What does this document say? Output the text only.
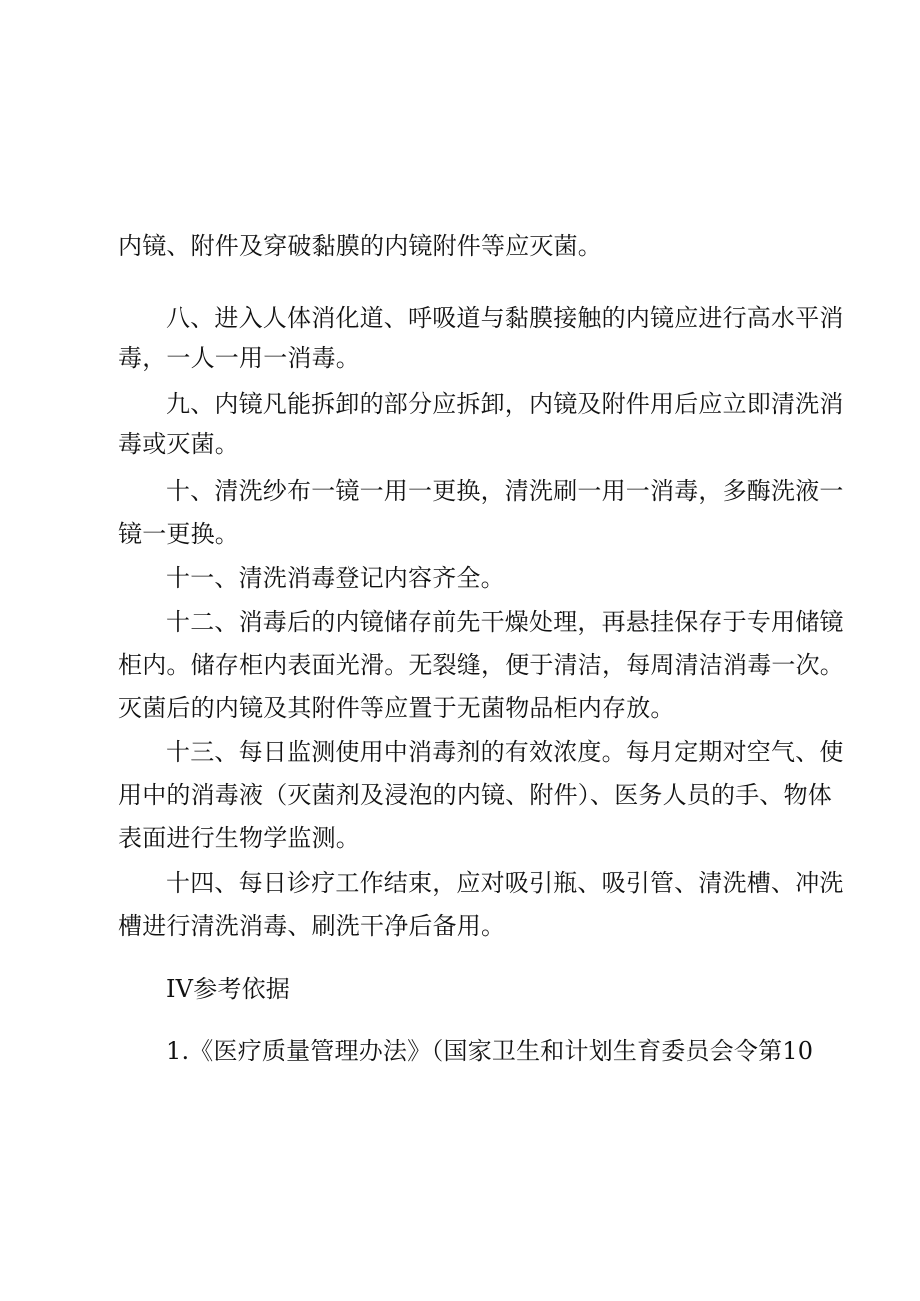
内镜、附件及穿破黏膜的内镜附件等应灭菌。
八、进入人体消化道、呼吸道与黏膜接触的内镜应进行高水平消
毒，一人一用一消毒。
九、内镜凡能拆卸的部分应拆卸，内镜及附件用后应立即清洗消
毒或灭菌。
十、清洗纱布一镜一用一更换，清洗刷一用一消毒，多酶洗液一
镜一更换。
十一、清洗消毒登记内容齐全。
十二、消毒后的内镜储存前先干燥处理，再悬挂保存于专用储镜
柜内。储存柜内表面光滑。无裂缝，便于清洁，每周清洁消毒一次。
灭菌后的内镜及其附件等应置于无菌物品柜内存放。
十三、每日监测使用中消毒剂的有效浓度。每月定期对空气、使
用中的消毒液（灭菌剂及浸泡的内镜、附件）、医务人员的手、物体
表面进行生物学监测。
十四、每日诊疗工作结束，应对吸引瓶、吸引管、清洗槽、冲洗
槽进行清洗消毒、刷洗干净后备用。
IV参考依据
1.《医疗质量管理办法》（国家卫生和计划生育委员会令第10
